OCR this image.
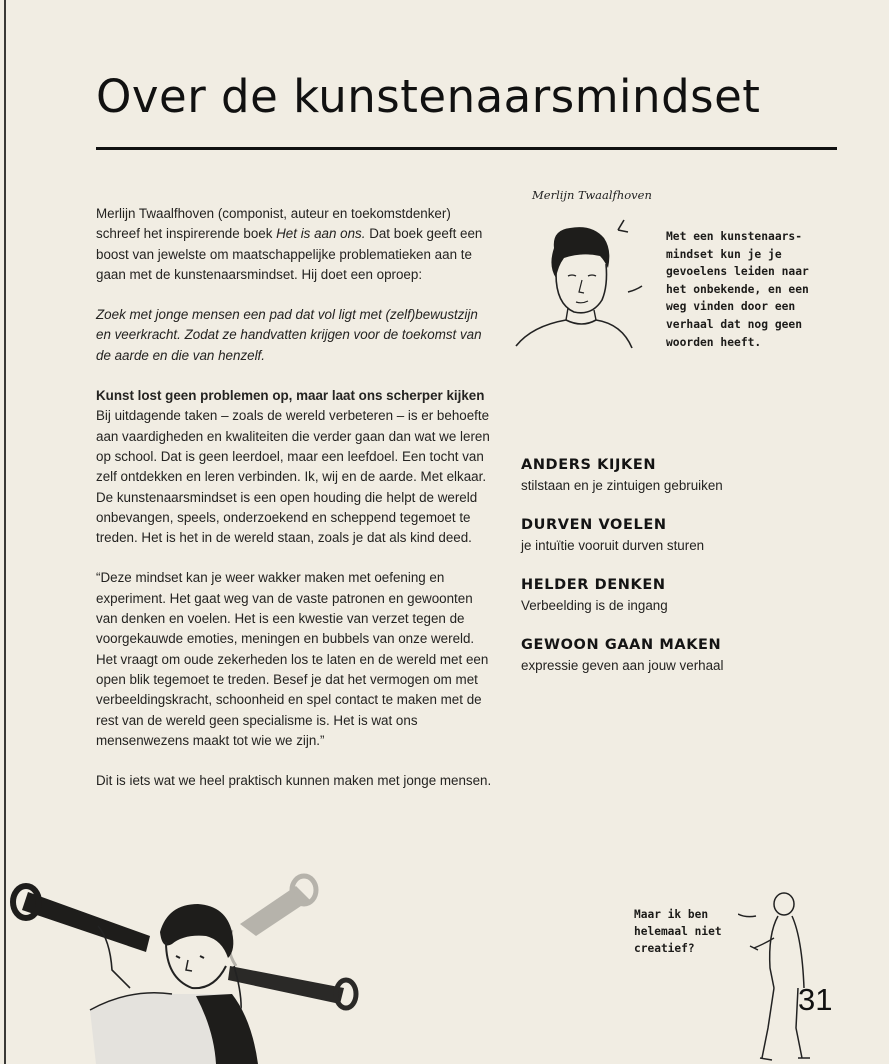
Over de kunstenaarsmindset

Merlijn Twaalfhoven (componist, auteur en toekomstdenker) schreef het inspirerende boek Het is aan ons. Dat boek geeft een boost van jewelste om maatschappelijke problematieken aan te gaan met de kunstenaarsmindset. Hij doet een oproep:

Zoek met jonge mensen een pad dat vol ligt met (zelf)bewustzijn en veerkracht. Zodat ze handvatten krijgen voor de toekomst van de aarde en die van henzelf.

Kunst lost geen problemen op, maar laat ons scherper kijken

Bij uitdagende taken – zoals de wereld verbeteren – is er behoefte aan vaardigheden en kwaliteiten die verder gaan dan wat we leren op school. Dat is geen leerdoel, maar een leefdoel. Een tocht van zelf ontdekken en leren verbinden. Ik, wij en de aarde. Met elkaar.

De kunstenaarsmindset is een open houding die helpt de wereld onbevangen, speels, onderzoekend en scheppend tegemoet te treden. Het is het in de wereld staan, zoals je dat als kind deed.

“Deze mindset kan je weer wakker maken met oefening en experiment. Het gaat weg van de vaste patronen en gewoonten van denken en voelen. Het is een kwestie van verzet tegen de voorgekauwde emoties, meningen en bubbels van onze wereld. Het vraagt om oude zekerheden los te laten en de wereld met een open blik tegemoet te treden. Besef je dat het vermogen om met verbeeldingskracht, schoonheid en spel contact te maken met de rest van de wereld geen specialisme is. Het is wat ons mensenwezens maakt tot wie we zijn.”

Dit is iets wat we heel praktisch kunnen maken met jonge mensen.

Merlijn Twaalfhoven

Met een kunstenaars-mindset kun je je gevoelens leiden naar het onbekende, en een weg vinden door een verhaal dat nog geen woorden heeft.

ANDERS KIJKEN
stilstaan en je zintuigen gebruiken
DURVEN VOELEN
je intuïtie vooruit durven sturen
HELDER DENKEN
Verbeelding is de ingang
GEWOON GAAN MAKEN
expressie geven aan jouw verhaal

Maar ik ben helemaal niet creatief?

31
